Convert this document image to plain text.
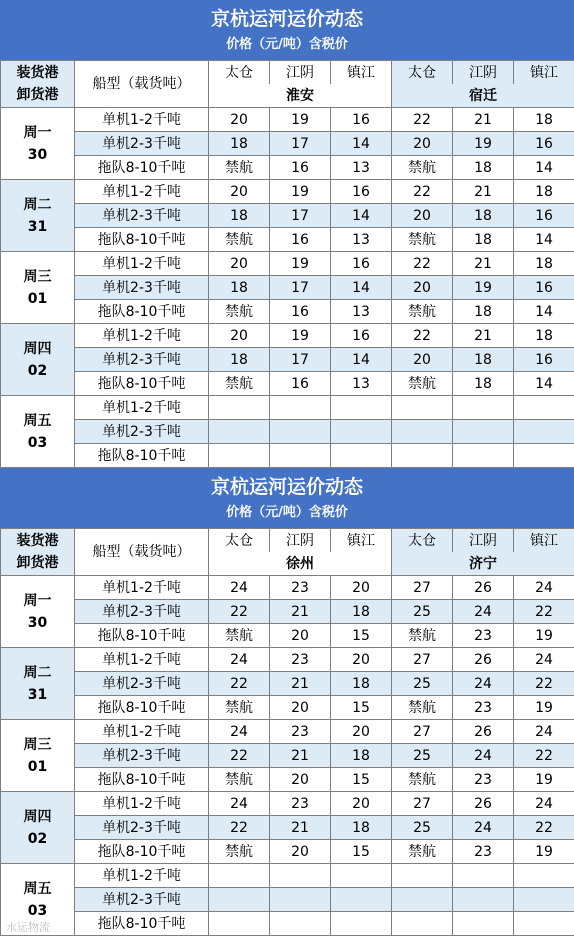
京杭运河运价动态
价格（元/吨）含税价
装货港
卸货港	船型（载货吨）	太仓	江阴	镇江	太仓	江阴	镇江
		淮安			宿迁		

周一
30	单机1-2千吨	20	19	16	22	21	18
	单机2-3千吨	18	17	14	20	19	16
	拖队8-10千吨	禁航	16	13	禁航	18	14

周二
31	单机1-2千吨	20	19	16	22	21	18
	单机2-3千吨	18	17	14	20	18	16
	拖队8-10千吨	禁航	16	13	禁航	18	14

周三
01	单机1-2千吨	20	19	16	22	21	18
	单机2-3千吨	18	17	14	20	19	16
	拖队8-10千吨	禁航	16	13	禁航	18	14

周四
02	单机1-2千吨	20	19	16	22	21	18
	单机2-3千吨	18	17	14	20	18	16
	拖队8-10千吨	禁航	16	13	禁航	18	14

周五
03	单机1-2千吨						
	单机2-3千吨						
	拖队8-10千吨						
京杭运河运价动态
价格（元/吨）含税价
装货港
卸货港	船型（载货吨）	太仓	江阴	镇江	太仓	江阴	镇江
		徐州			济宁		

周一
30	单机1-2千吨	24	23	20	27	26	24
	单机2-3千吨	22	21	18	25	24	22
	拖队8-10千吨	禁航	20	15	禁航	23	19

周二
31	单机1-2千吨	24	23	20	27	26	24
	单机2-3千吨	22	21	18	25	24	22
	拖队8-10千吨	禁航	20	15	禁航	23	19

周三
01	单机1-2千吨	24	23	20	27	26	24
	单机2-3千吨	22	21	18	25	24	22
	拖队8-10千吨	禁航	20	15	禁航	23	19

周四
02	单机1-2千吨	24	23	20	27	26	24
	单机2-3千吨	22	21	18	25	24	22
	拖队8-10千吨	禁航	20	15	禁航	23	19

周五
03	单机1-2千吨						
	单机2-3千吨						
	拖队8-10千吨						
水运物流
